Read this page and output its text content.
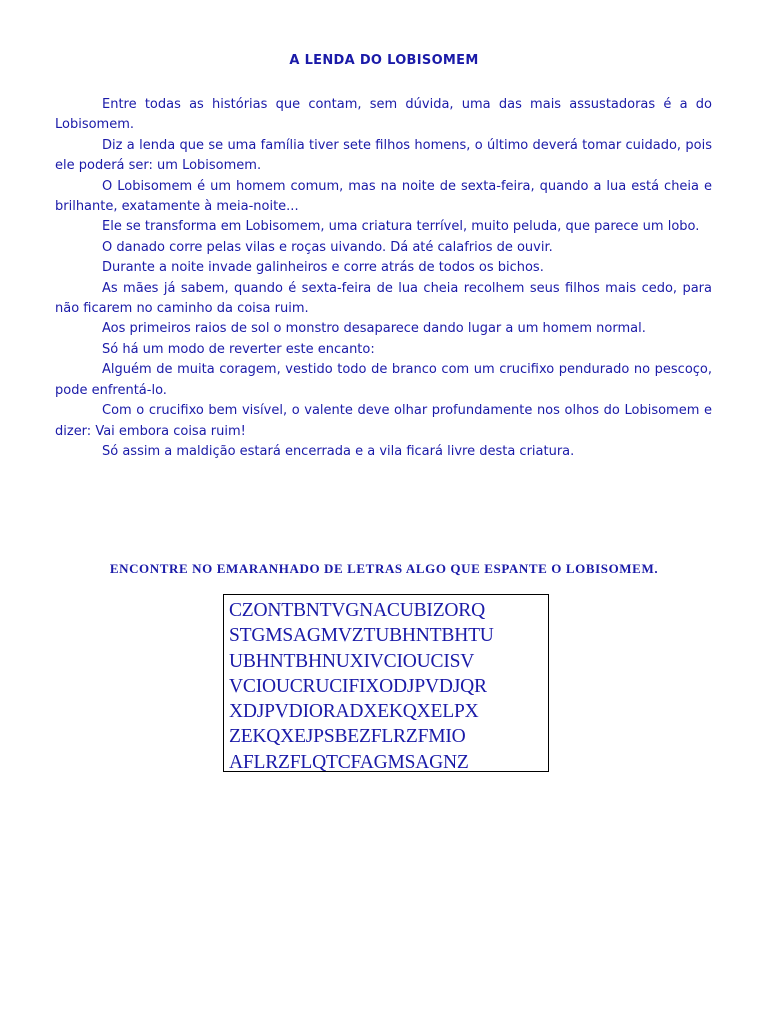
A LENDA DO LOBISOMEM

Entre todas as histórias que contam, sem dúvida, uma das mais assustadoras é a do Lobisomem.

Diz a lenda que se uma família tiver sete filhos homens, o último deverá tomar cuidado, pois ele poderá ser: um Lobisomem.

O Lobisomem é um homem comum, mas na noite de sexta-feira, quando a lua está cheia e brilhante, exatamente à meia-noite...

Ele se transforma em Lobisomem, uma criatura terrível, muito peluda, que parece um lobo.

O danado corre pelas vilas e roças uivando. Dá até calafrios de ouvir.

Durante a noite invade galinheiros e corre atrás de todos os bichos.

As mães já sabem, quando é sexta-feira de lua cheia recolhem seus filhos mais cedo, para não ficarem no caminho da coisa ruim.

Aos primeiros raios de sol o monstro desaparece dando lugar a um homem normal.

Só há um modo de reverter este encanto:

Alguém de muita coragem, vestido todo de branco com um crucifixo pendurado no pescoço, pode enfrentá-lo.

Com o crucifixo bem visível, o valente deve olhar profundamente nos olhos do Lobisomem e dizer: Vai embora coisa ruim!

Só assim a maldição estará encerrada e a vila ficará livre desta criatura.

ENCONTRE NO EMARANHADO DE LETRAS ALGO QUE ESPANTE O LOBISOMEM.
CZONTBNTVGNACUBIZORQ
STGMSAGMVZTUBHNTBHTU
UBHNTBHNUXIVCIOUCISV
VCIOUCRUCIFIXODJPVDJQR
XDJPVDIORADXEKQXELPX
ZEKQXEJPSBEZFLRZFMIO
AFLRZFLQTCFAGMSAGNZ
